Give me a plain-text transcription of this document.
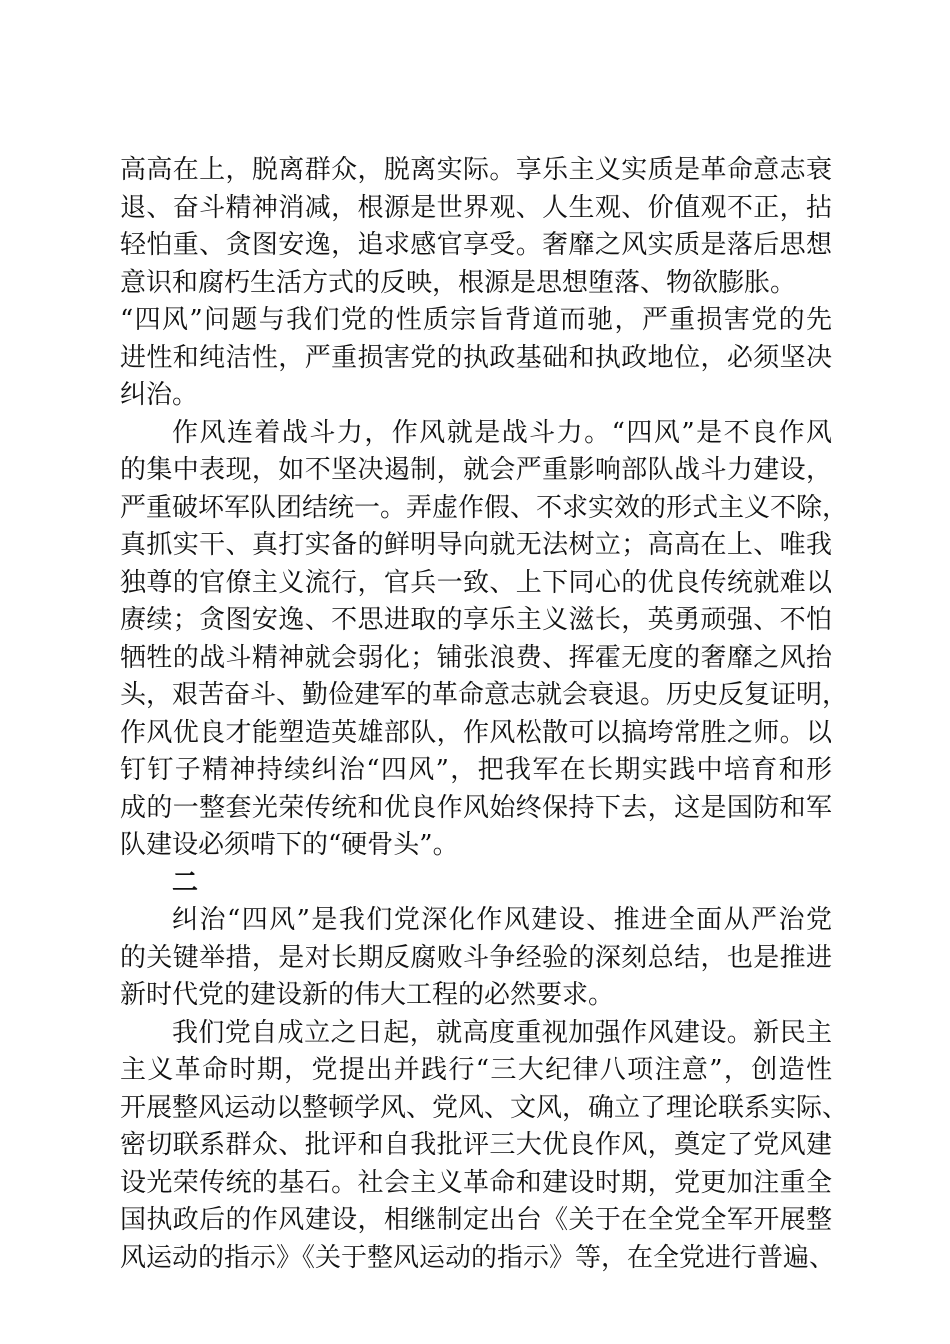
高高在上，脱离群众，脱离实际。享乐主义实质是革命意志衰
退、奋斗精神消减，根源是世界观、人生观、价值观不正，拈
轻怕重、贪图安逸，追求感官享受。奢靡之风实质是落后思想
意识和腐朽生活方式的反映，根源是思想堕落、物欲膨胀。
“四风”问题与我们党的性质宗旨背道而驰，严重损害党的先
进性和纯洁性，严重损害党的执政基础和执政地位，必须坚决
纠治。
作风连着战斗力，作风就是战斗力。“四风”是不良作风
的集中表现，如不坚决遏制，就会严重影响部队战斗力建设，
严重破坏军队团结统一。弄虚作假、不求实效的形式主义不除，
真抓实干、真打实备的鲜明导向就无法树立；高高在上、唯我
独尊的官僚主义流行，官兵一致、上下同心的优良传统就难以
赓续；贪图安逸、不思进取的享乐主义滋长，英勇顽强、不怕
牺牲的战斗精神就会弱化；铺张浪费、挥霍无度的奢靡之风抬
头，艰苦奋斗、勤俭建军的革命意志就会衰退。历史反复证明，
作风优良才能塑造英雄部队，作风松散可以搞垮常胜之师。以
钉钉子精神持续纠治“四风”，把我军在长期实践中培育和形
成的一整套光荣传统和优良作风始终保持下去，这是国防和军
队建设必须啃下的“硬骨头”。
二
纠治“四风”是我们党深化作风建设、推进全面从严治党
的关键举措，是对长期反腐败斗争经验的深刻总结，也是推进
新时代党的建设新的伟大工程的必然要求。
我们党自成立之日起，就高度重视加强作风建设。新民主
主义革命时期，党提出并践行“三大纪律八项注意”，创造性
开展整风运动以整顿学风、党风、文风，确立了理论联系实际、
密切联系群众、批评和自我批评三大优良作风，奠定了党风建
设光荣传统的基石。社会主义革命和建设时期，党更加注重全
国执政后的作风建设，相继制定出台《关于在全党全军开展整
风运动的指示》《关于整风运动的指示》等，在全党进行普遍、
